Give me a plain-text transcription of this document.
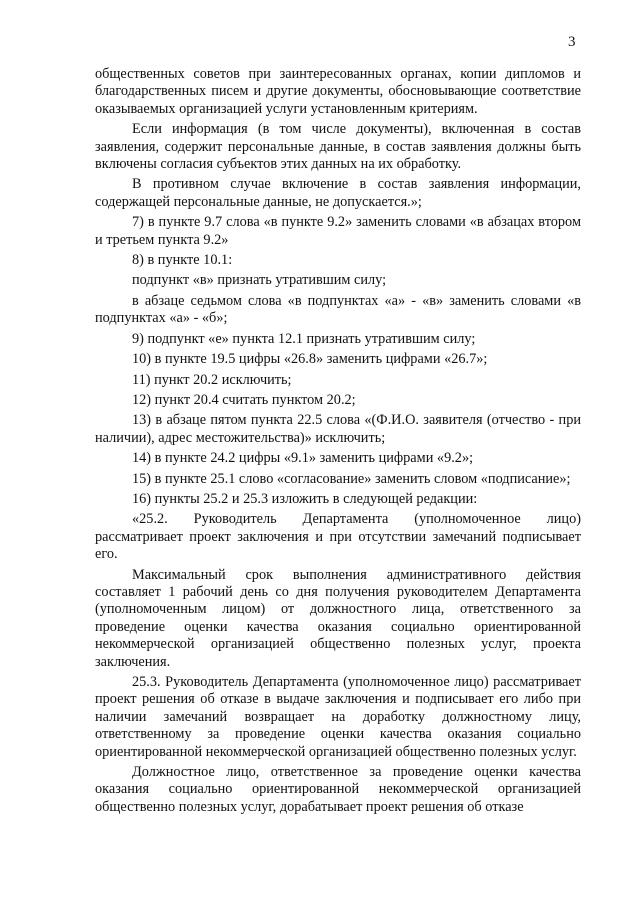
3

общественных советов при заинтересованных органах, копии дипломов и благодарственных писем и другие документы, обосновывающие соответствие оказываемых организацией услуги установленным критериям.

Если информация (в том числе документы), включенная в состав заявления, содержит персональные данные, в состав заявления должны быть включены согласия субъектов этих данных на их обработку.

В противном случае включение в состав заявления информации, содержащей персональные данные, не допускается.»;

7) в пункте 9.7 слова «в пункте 9.2» заменить словами «в абзацах втором и третьем пункта 9.2»

8) в пункте 10.1:

подпункт «в» признать утратившим силу;

в абзаце седьмом слова «в подпунктах «а» - «в» заменить словами «в подпунктах «а» - «б»;

9) подпункт «е» пункта 12.1 признать утратившим силу;

10) в пункте 19.5 цифры «26.8» заменить цифрами «26.7»;

11) пункт 20.2 исключить;

12) пункт 20.4 считать пунктом 20.2;

13) в абзаце пятом пункта 22.5 слова «(Ф.И.О. заявителя (отчество - при наличии), адрес местожительства)» исключить;

14) в пункте 24.2 цифры «9.1» заменить цифрами «9.2»;

15) в пункте 25.1 слово «согласование» заменить словом «подписание»;

16) пункты 25.2 и 25.3 изложить в следующей редакции:

«25.2. Руководитель Департамента (уполномоченное лицо) рассматривает проект заключения и при отсутствии замечаний подписывает его.

Максимальный срок выполнения административного действия составляет 1 рабочий день со дня получения руководителем Департамента (уполномоченным лицом) от должностного лица, ответственного за проведение оценки качества оказания социально ориентированной некоммерческой организацией общественно полезных услуг, проекта заключения.

25.3. Руководитель Департамента (уполномоченное лицо) рассматривает проект решения об отказе в выдаче заключения и подписывает его либо при наличии замечаний возвращает на доработку должностному лицу, ответственному за проведение оценки качества оказания социально ориентированной некоммерческой организацией общественно полезных услуг.

Должностное лицо, ответственное за проведение оценки качества оказания социально ориентированной некоммерческой организацией общественно полезных услуг, дорабатывает проект решения об отказе
